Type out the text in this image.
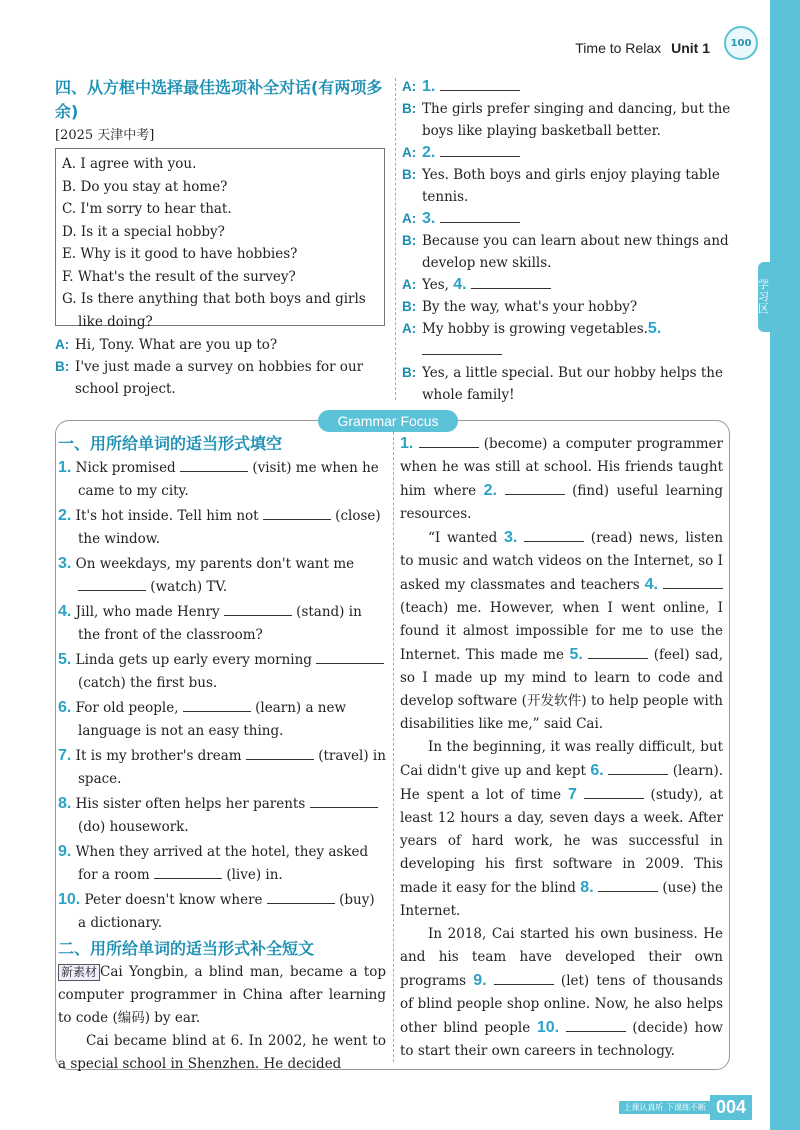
学习区
Time to Relax Unit 1	100
四、从方框中选择最佳选项补全对话(有两项多余)
[2025 天津中考]
A. I agree with you.
B. Do you stay at home?
C. I'm sorry to hear that.
D. Is it a special hobby?
E. Why is it good to have hobbies?
F. What's the result of the survey?
G. Is there anything that both boys and girls like doing?
A: Hi, Tony. What are you up to?
B: I've just made a survey on hobbies for our school project.
A: 1.
B: The girls prefer singing and dancing, but the boys like playing basketball better.
A: 2.
B: Yes. Both boys and girls enjoy playing table tennis.
A: 3.
B: Because you can learn about new things and develop new skills.
A: Yes, 4.
B: By the way, what's your hobby?
A: My hobby is growing vegetables.5.
B: Yes, a little special. But our hobby helps the whole family!
Grammar Focus
一、用所给单词的适当形式填空
1. Nick promised	(visit) me when he came to my city.
2. It's hot inside. Tell him not	(close) the window.
3. On weekdays, my parents don't want me  (watch) TV.
4. Jill, who made Henry	(stand) in the front of the classroom?
5. Linda gets up early every morning  (catch) the first bus.
6. For old people,	(learn) a new language is not an easy thing.
7. It is my brother's dream	(travel) in space.
8. His sister often helps her parents  (do) housework.
9. When they arrived at the hotel, they asked for a room	(live) in.
10. Peter doesn't know where	(buy) a dictionary.
二、用所给单词的适当形式补全短文
新素材 Cai Yongbin, a blind man, became a top computer programmer in China after learning to code (编码) by ear.
Cai became blind at 6. In 2002, he went to a special school in Shenzhen. He decided
1.	(become) a computer programmer when he was still at school. His friends taught him where 2.	(find) useful learning resources.
“I wanted 3.	(read) news, listen to music and watch videos on the Internet, so I asked my classmates and teachers 4.  (teach) me. However, when I went online, I found it almost impossible for me to use the Internet. This made me 5.	(feel) sad, so I made up my mind to learn to code and develop software (开发软件) to help people with disabilities like me,” said Cai.
In the beginning, it was really difficult, but Cai didn't give up and kept 6.	(learn). He spent a lot of time 7	(study), at least 12 hours a day, seven days a week. After years of hard work, he was successful in developing his first software in 2009. This made it easy for the blind 8.	(use) the Internet.
In 2018, Cai started his own business. He and his team have developed their own programs 9.	(let) tens of thousands of blind people shop online. Now, he also helps other blind people 10.	(decide) how to start their own careers in technology.
上课认真听 下课练不断 004
